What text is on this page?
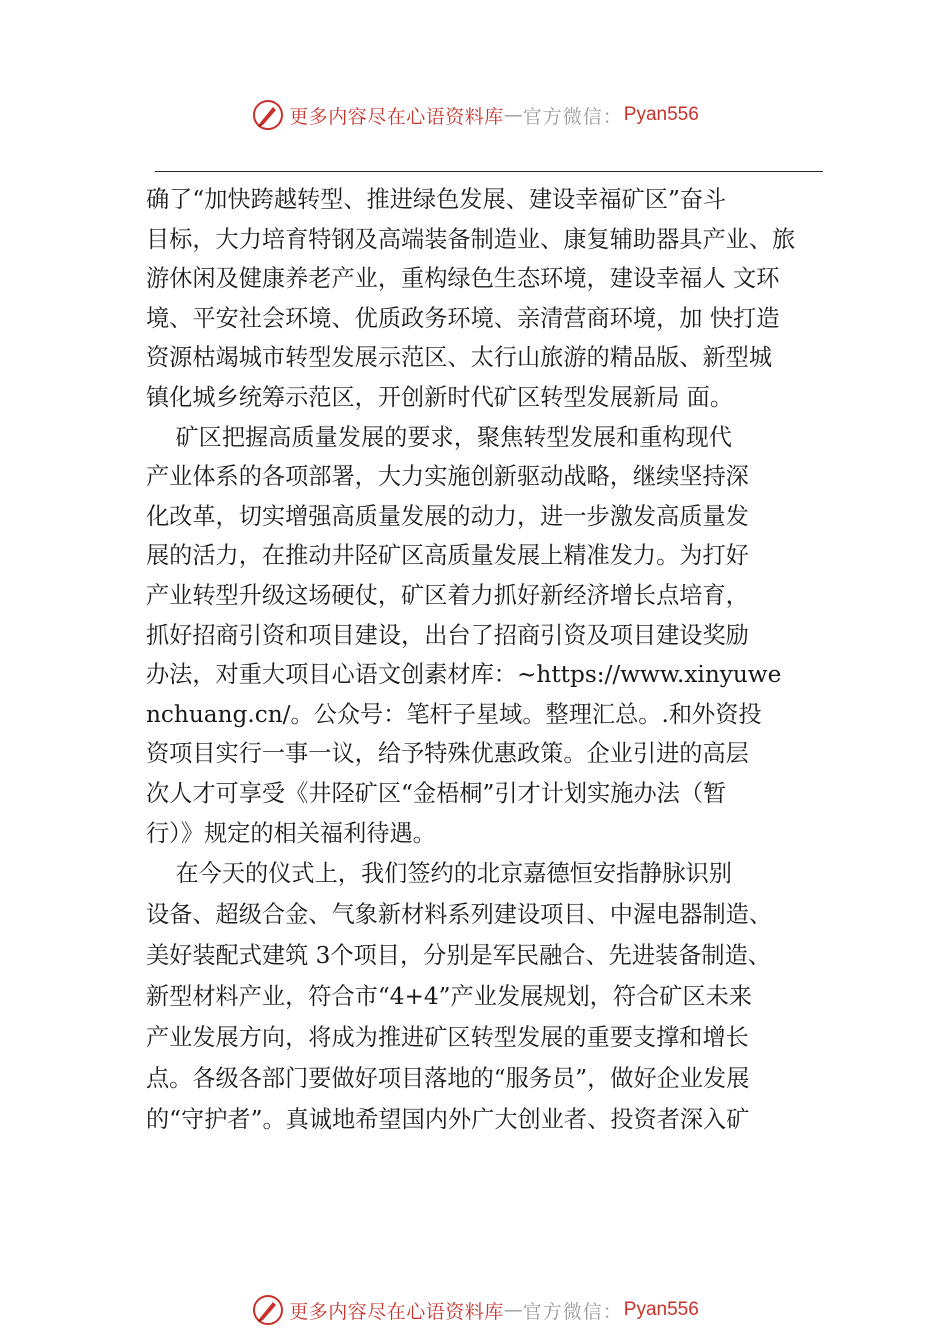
更多内容尽在心语资料库 — 官方微信 ： Pyan556
确了“加快跨越转型、推进绿色发展、建设幸福矿区”奋斗
目标，大力培育特钢及高端装备制造业、康复辅助器具产业、旅
游休闲及健康养老产业，重构绿色生态环境，建设幸福人 文环
境、平安社会环境、优质政务环境、亲清营商环境，加 快打造
资源枯竭城市转型发展示范区、太行山旅游的精品版、新型城
镇化城乡统筹示范区，开创新时代矿区转型发展新局 面。
矿区把握高质量发展的要求，聚焦转型发展和重构现代
产业体系的各项部署，大力实施创新驱动战略，继续坚持深
化改革，切实增强高质量发展的动力，进一步激发高质量发
展的活力，在推动井陉矿区高质量发展上精准发力。为打好
产业转型升级这场硬仗，矿区着力抓好新经济增长点培育，
抓好招商引资和项目建设，出台了招商引资及项目建设奖励
办法，对重大项目心语文创素材库：~https://www.xinyuwe
nchuang.cn/。公众号：笔杆子星域。整理汇总。.和外资投
资项目实行一事一议，给予特殊优惠政策。企业引进的高层
次人才可享受《井陉矿区“金梧桐”引才计划实施办法（暂
行）》规定的相关福利待遇。
在今天的仪式上，我们签约的北京嘉德恒安指静脉识别
设备、超级合金、气象新材料系列建设项目、中渥电器制造、
美好装配式建筑 3个项目，分别是军民融合、先进装备制造、
新型材料产业，符合市“4+4”产业发展规划，符合矿区未来
产业发展方向，将成为推进矿区转型发展的重要支撑和增长
点。各级各部门要做好项目落地的“服务员”，做好企业发展
的“守护者”。真诚地希望国内外广大创业者、投资者深入矿
更多内容尽在心语资料库 — 官方微信 ： Pyan556
